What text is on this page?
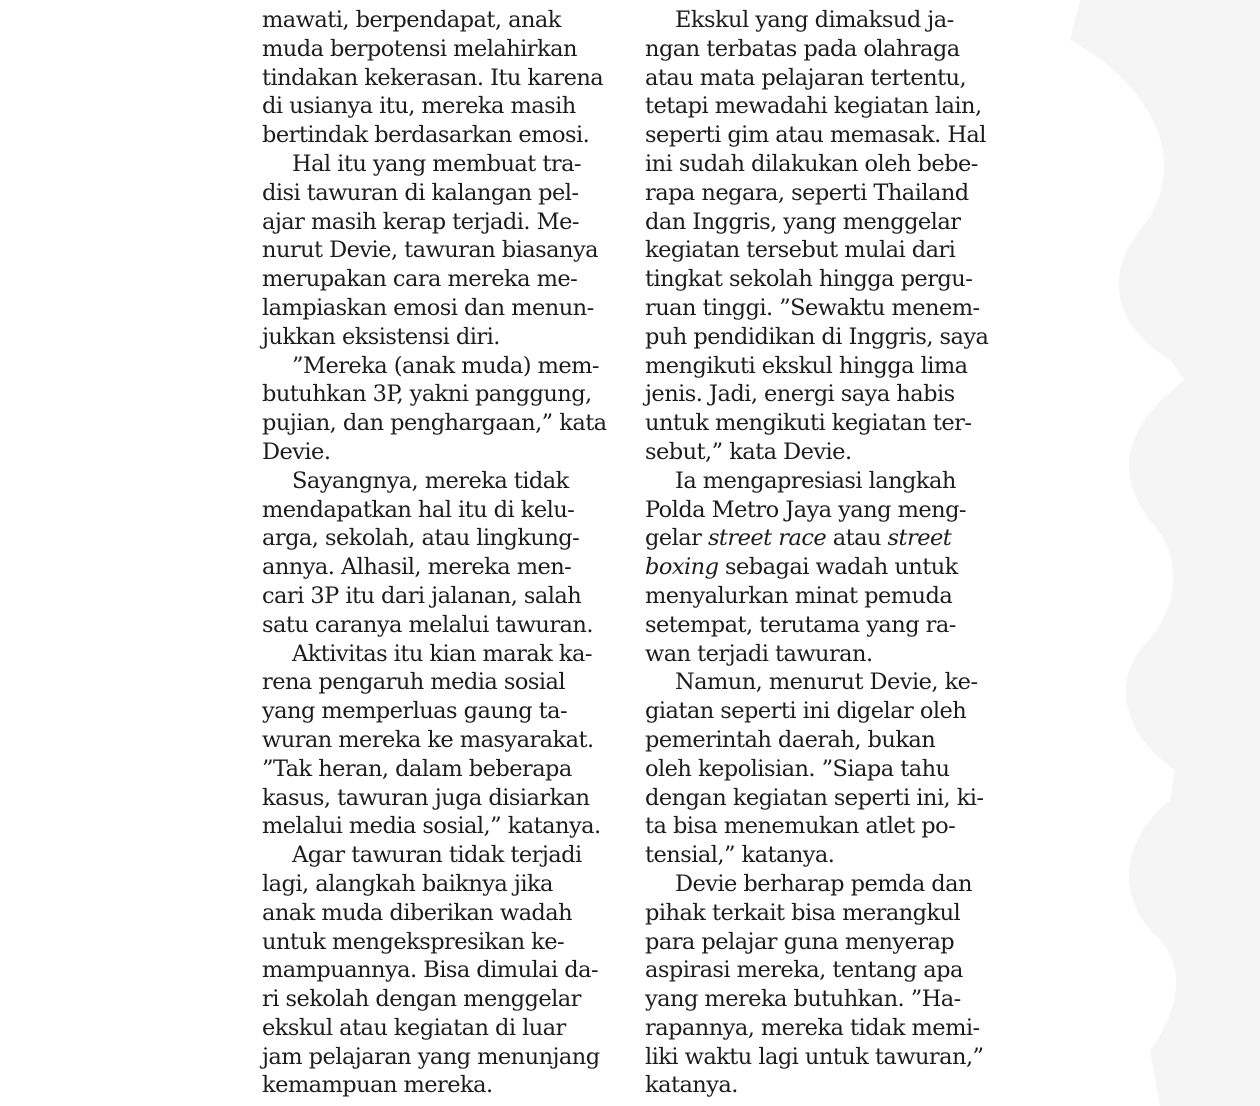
mawati, berpendapat, anak
muda berpotensi melahirkan
tindakan kekerasan. Itu karena
di usianya itu, mereka masih
bertindak berdasarkan emosi.
Hal itu yang membuat tra-
disi tawuran di kalangan pel-
ajar masih kerap terjadi. Me-
nurut Devie, tawuran biasanya
merupakan cara mereka me-
lampiaskan emosi dan menun-
jukkan eksistensi diri.
”Mereka (anak muda) mem-
butuhkan 3P, yakni panggung,
pujian, dan penghargaan,” kata
Devie.
Sayangnya, mereka tidak
mendapatkan hal itu di kelu-
arga, sekolah, atau lingkung-
annya. Alhasil, mereka men-
cari 3P itu dari jalanan, salah
satu caranya melalui tawuran.
Aktivitas itu kian marak ka-
rena pengaruh media sosial
yang memperluas gaung ta-
wuran mereka ke masyarakat.
”Tak heran, dalam beberapa
kasus, tawuran juga disiarkan
melalui media sosial,” katanya.
Agar tawuran tidak terjadi
lagi, alangkah baiknya jika
anak muda diberikan wadah
untuk mengekspresikan ke-
mampuannya. Bisa dimulai da-
ri sekolah dengan menggelar
ekskul atau kegiatan di luar
jam pelajaran yang menunjang
kemampuan mereka.
Ekskul yang dimaksud ja-
ngan terbatas pada olahraga
atau mata pelajaran tertentu,
tetapi mewadahi kegiatan lain,
seperti gim atau memasak. Hal
ini sudah dilakukan oleh bebe-
rapa negara, seperti Thailand
dan Inggris, yang menggelar
kegiatan tersebut mulai dari
tingkat sekolah hingga pergu-
ruan tinggi. ”Sewaktu menem-
puh pendidikan di Inggris, saya
mengikuti ekskul hingga lima
jenis. Jadi, energi saya habis
untuk mengikuti kegiatan ter-
sebut,” kata Devie.
Ia mengapresiasi langkah
Polda Metro Jaya yang meng-
gelar street race atau street
boxing sebagai wadah untuk
menyalurkan minat pemuda
setempat, terutama yang ra-
wan terjadi tawuran.
Namun, menurut Devie, ke-
giatan seperti ini digelar oleh
pemerintah daerah, bukan
oleh kepolisian. ”Siapa tahu
dengan kegiatan seperti ini, ki-
ta bisa menemukan atlet po-
tensial,” katanya.
Devie berharap pemda dan
pihak terkait bisa merangkul
para pelajar guna menyerap
aspirasi mereka, tentang apa
yang mereka butuhkan. ”Ha-
rapannya, mereka tidak memi-
liki waktu lagi untuk tawuran,”
katanya.
